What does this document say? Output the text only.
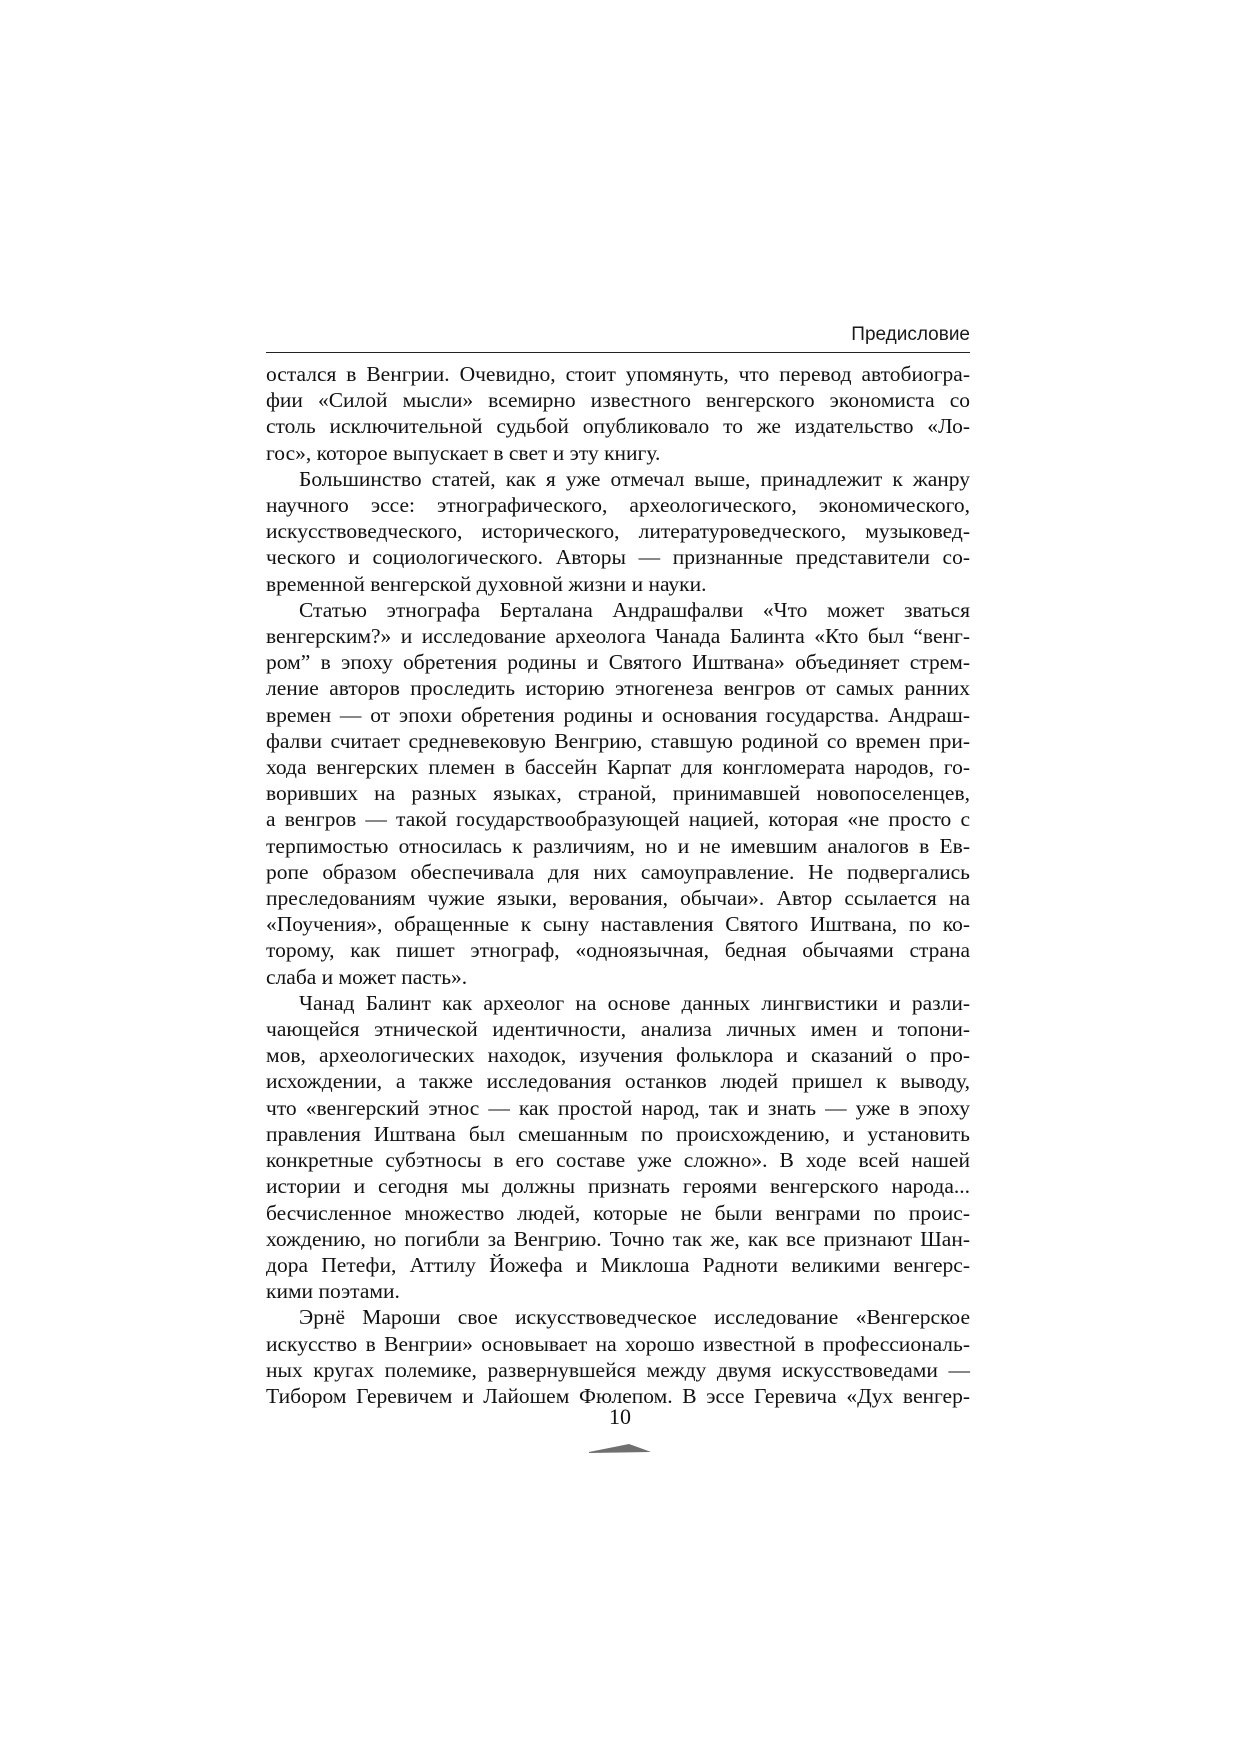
Предисловие
остался в Венгрии. Очевидно, стоит упомянуть, что перевод автобиогра-
фии «Силой мысли» всемирно известного венгерского экономиста со
столь исключительной судьбой опубликовало то же издательство «Ло-
гос», которое выпускает в свет и эту книгу.
Большинство статей, как я уже отмечал выше, принадлежит к жанру
научного эссе: этнографического, археологического, экономического,
искусствоведческого, исторического, литературоведческого, музыковед-
ческого и социологического. Авторы — признанные представители со-
временной венгерской духовной жизни и науки.
Статью этнографа Берталана Андрашфалви «Что может зваться
венгерским?» и исследование археолога Чанада Балинта «Кто был “венг-
ром” в эпоху обретения родины и Святого Иштвана» объединяет стрем-
ление авторов проследить историю этногенеза венгров от самых ранних
времен — от эпохи обретения родины и основания государства. Андраш-
фалви считает средневековую Венгрию, ставшую родиной со времен при-
хода венгерских племен в бассейн Карпат для конгломерата народов, го-
воривших на разных языках, страной, принимавшей новопоселенцев,
а венгров — такой государствообразующей нацией, которая «не просто с
терпимостью относилась к различиям, но и не имевшим аналогов в Ев-
ропе образом обеспечивала для них самоуправление. Не подвергались
преследованиям чужие языки, верования, обычаи». Автор ссылается на
«Поучения», обращенные к сыну наставления Святого Иштвана, по ко-
торому, как пишет этнограф, «одноязычная, бедная обычаями страна
слаба и может пасть».
Чанад Балинт как археолог на основе данных лингвистики и разли-
чающейся этнической идентичности, анализа личных имен и топони-
мов, археологических находок, изучения фольклора и сказаний о про-
исхождении, а также исследования останков людей пришел к выводу,
что «венгерский этнос — как простой народ, так и знать — уже в эпоху
правления Иштвана был смешанным по происхождению, и установить
конкретные субэтносы в его составе уже сложно». В ходе всей нашей
истории и сегодня мы должны признать героями венгерского народа...
бесчисленное множество людей, которые не были венграми по проис-
хождению, но погибли за Венгрию. Точно так же, как все признают Шан-
дора Петефи, Аттилу Йожефа и Миклоша Радноти великими венгерс-
кими поэтами.
Эрнё Мароши свое искусствоведческое исследование «Венгерское
искусство в Венгрии» основывает на хорошо известной в профессиональ-
ных кругах полемике, развернувшейся между двумя искусствоведами —
Тибором Геревичем и Лайошем Фюлепом. В эссе Геревича «Дух венгер-
10
